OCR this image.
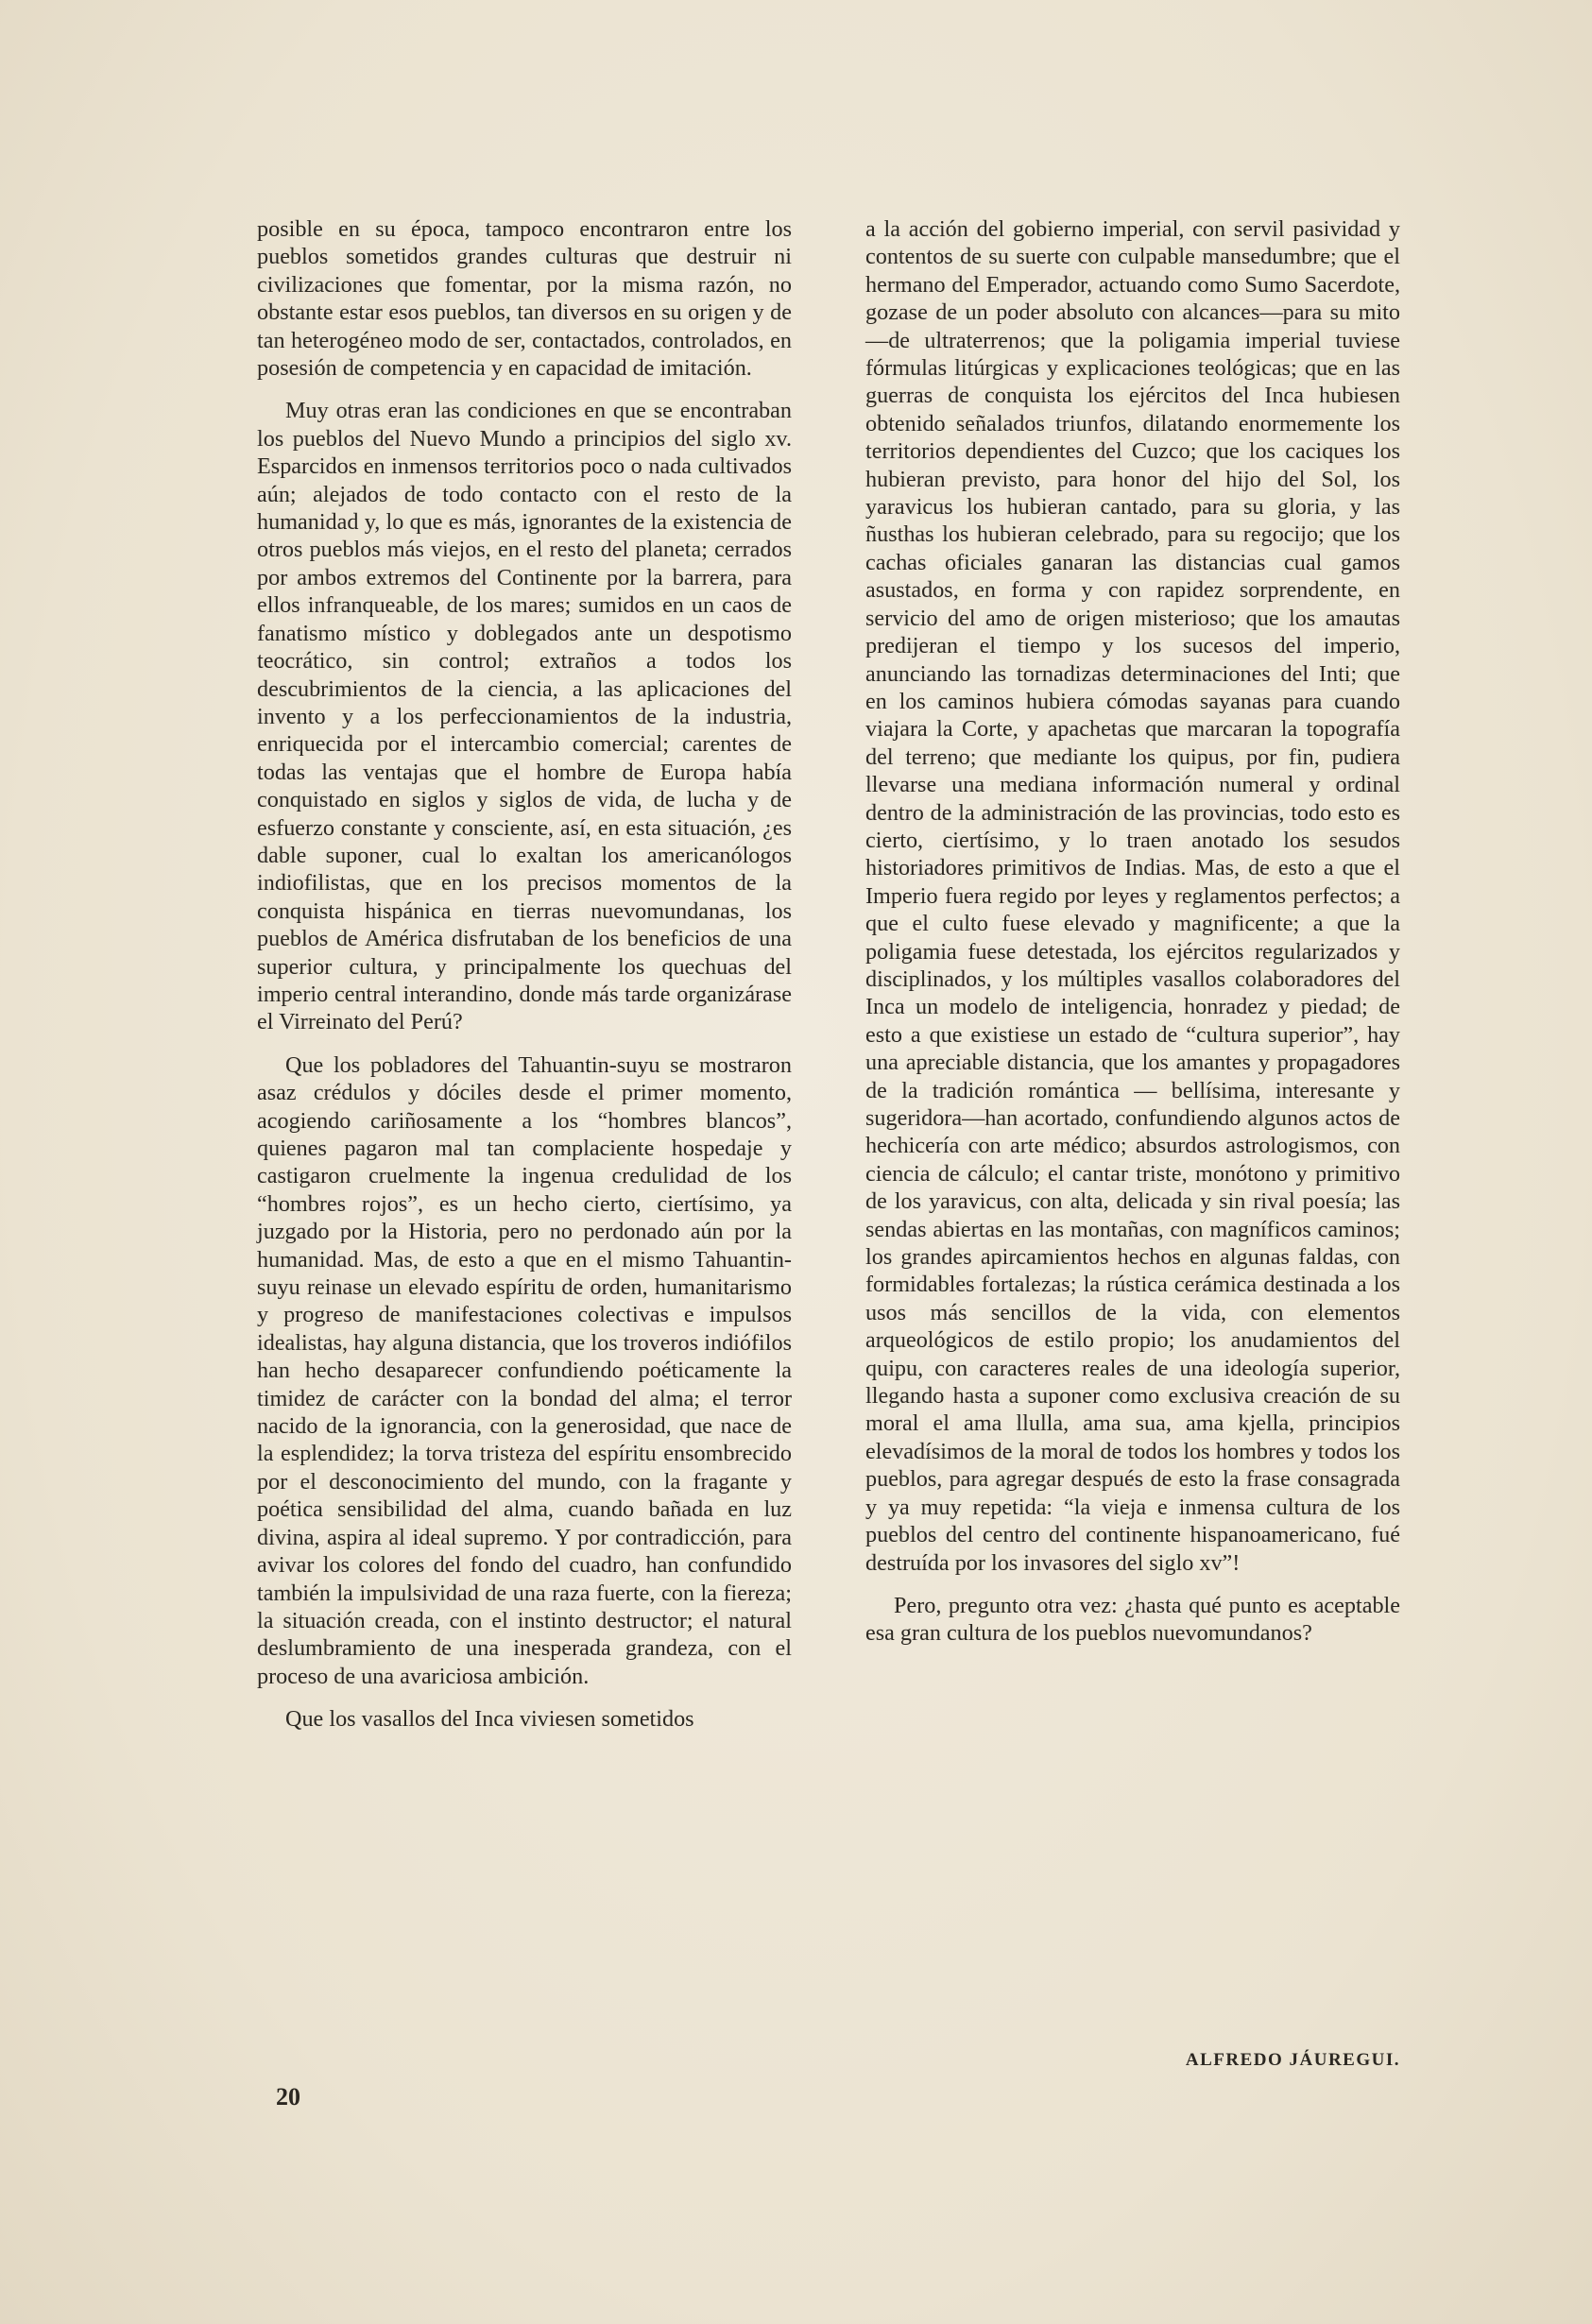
posible en su época, tampoco encontraron entre los pueblos sometidos grandes culturas que destruir ni civilizaciones que fomentar, por la misma razón, no obstante estar esos pueblos, tan diversos en su origen y de tan heterogéneo modo de ser, contactados, controlados, en posesión de competencia y en capacidad de imitación.

Muy otras eran las condiciones en que se encontraban los pueblos del Nuevo Mundo a principios del siglo xv. Esparcidos en inmensos territorios poco o nada cultivados aún; alejados de todo contacto con el resto de la humanidad y, lo que es más, ignorantes de la existencia de otros pueblos más viejos, en el resto del planeta; cerrados por ambos extremos del Continente por la barrera, para ellos infranqueable, de los mares; sumidos en un caos de fanatismo místico y doblegados ante un despotismo teocrático, sin control; extraños a todos los descubrimientos de la ciencia, a las aplicaciones del invento y a los perfeccionamientos de la industria, enriquecida por el intercambio comercial; carentes de todas las ventajas que el hombre de Europa había conquistado en siglos y siglos de vida, de lucha y de esfuerzo constante y consciente, así, en esta situación, ¿es dable suponer, cual lo exaltan los americanólogos indiofilistas, que en los precisos momentos de la conquista hispánica en tierras nuevomundanas, los pueblos de América disfrutaban de los beneficios de una superior cultura, y principalmente los quechuas del imperio central interandino, donde más tarde organizárase el Virreinato del Perú?

Que los pobladores del Tahuantin-suyu se mostraron asaz crédulos y dóciles desde el primer momento, acogiendo cariñosamente a los “hombres blancos”, quienes pagaron mal tan complaciente hospedaje y castigaron cruelmente la ingenua credulidad de los “hombres rojos”, es un hecho cierto, ciertísimo, ya juzgado por la Historia, pero no perdonado aún por la humanidad. Mas, de esto a que en el mismo Tahuantin-suyu reinase un elevado espíritu de orden, humanitarismo y progreso de manifestaciones colectivas e impulsos idealistas, hay alguna distancia, que los troveros indiófilos han hecho desaparecer confundiendo poéticamente la timidez de carácter con la bondad del alma; el terror nacido de la ignorancia, con la generosidad, que nace de la esplendidez; la torva tristeza del espíritu ensombrecido por el desconocimiento del mundo, con la fragante y poética sensibilidad del alma, cuando bañada en luz divina, aspira al ideal supremo. Y por contradicción, para avivar los colores del fondo del cuadro, han confundido también la impulsividad de una raza fuerte, con la fiereza; la situación creada, con el instinto destructor; el natural deslumbramiento de una inesperada grandeza, con el proceso de una avariciosa ambición.

Que los vasallos del Inca viviesen sometidos

a la acción del gobierno imperial, con servil pasividad y contentos de su suerte con culpable mansedumbre; que el hermano del Emperador, actuando como Sumo Sacerdote, gozase de un poder absoluto con alcances—para su mito—de ultraterrenos; que la poligamia imperial tuviese fórmulas litúrgicas y explicaciones teológicas; que en las guerras de conquista los ejércitos del Inca hubiesen obtenido señalados triunfos, dilatando enormemente los territorios dependientes del Cuzco; que los caciques los hubieran previsto, para honor del hijo del Sol, los yaravicus los hubieran cantado, para su gloria, y las ñusthas los hubieran celebrado, para su regocijo; que los cachas oficiales ganaran las distancias cual gamos asustados, en forma y con rapidez sorprendente, en servicio del amo de origen misterioso; que los amautas predijeran el tiempo y los sucesos del imperio, anunciando las tornadizas determinaciones del Inti; que en los caminos hubiera cómodas sayanas para cuando viajara la Corte, y apachetas que marcaran la topografía del terreno; que mediante los quipus, por fin, pudiera llevarse una mediana información numeral y ordinal dentro de la administración de las provincias, todo esto es cierto, ciertísimo, y lo traen anotado los sesudos historiadores primitivos de Indias. Mas, de esto a que el Imperio fuera regido por leyes y reglamentos perfectos; a que el culto fuese elevado y magnificente; a que la poligamia fuese detestada, los ejércitos regularizados y disciplinados, y los múltiples vasallos colaboradores del Inca un modelo de inteligencia, honradez y piedad; de esto a que existiese un estado de “cultura superior”, hay una apreciable distancia, que los amantes y propagadores de la tradición romántica — bellísima, interesante y sugeridora—han acortado, confundiendo algunos actos de hechicería con arte médico; absurdos astrologismos, con ciencia de cálculo; el cantar triste, monótono y primitivo de los yaravicus, con alta, delicada y sin rival poesía; las sendas abiertas en las montañas, con magníficos caminos; los grandes apircamientos hechos en algunas faldas, con formidables fortalezas; la rústica cerámica destinada a los usos más sencillos de la vida, con elementos arqueológicos de estilo propio; los anudamientos del quipu, con caracteres reales de una ideología superior, llegando hasta a suponer como exclusiva creación de su moral el ama llulla, ama sua, ama kjella, principios elevadísimos de la moral de todos los hombres y todos los pueblos, para agregar después de esto la frase consagrada y ya muy repetida: “la vieja e inmensa cultura de los pueblos del centro del continente hispanoamericano, fué destruída por los invasores del siglo xv”!

Pero, pregunto otra vez: ¿hasta qué punto es aceptable esa gran cultura de los pueblos nuevomundanos?

ALFREDO JÁUREGUI.
20
